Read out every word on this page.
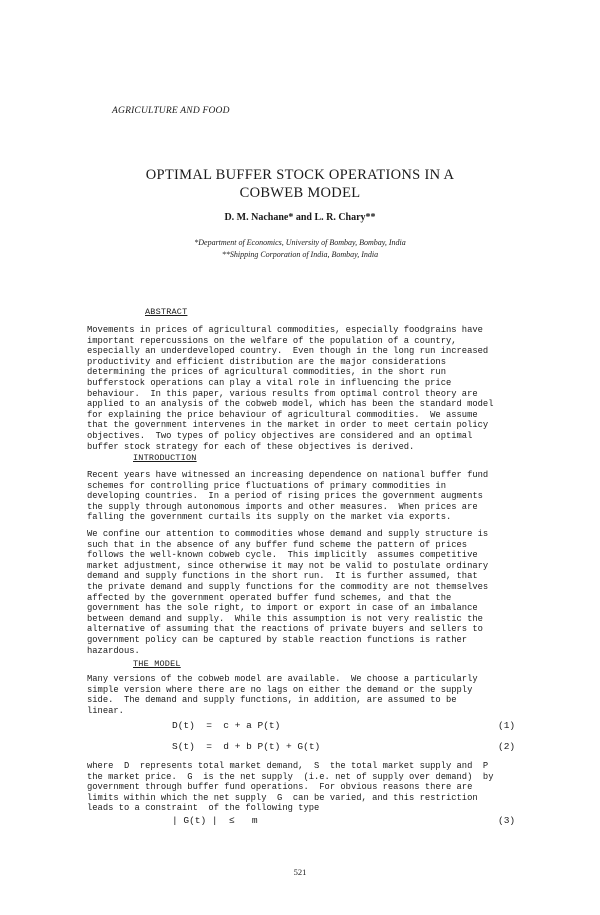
AGRICULTURE AND FOOD
OPTIMAL BUFFER STOCK OPERATIONS IN A
COBWEB MODEL
D. M. Nachane* and L. R. Chary**
*Department of Economics, University of Bombay, Bombay, India
**Shipping Corporation of India, Bombay, India
ABSTRACT
Movements in prices of agricultural commodities, especially foodgrains have
important repercussions on the welfare of the population of a country,
especially an underdeveloped country.  Even though in the long run increased
productivity and efficient distribution are the major considerations
determining the prices of agricultural commodities, in the short run
bufferstock operations can play a vital role in influencing the price
behaviour.  In this paper, various results from optimal control theory are
applied to an analysis of the cobweb model, which has been the standard model
for explaining the price behaviour of agricultural commodities.  We assume
that the government intervenes in the market in order to meet certain policy
objectives.  Two types of policy objectives are considered and an optimal
buffer stock strategy for each of these objectives is derived.
INTRODUCTION
Recent years have witnessed an increasing dependence on national buffer fund
schemes for controlling price fluctuations of primary commodities in
developing countries.  In a period of rising prices the government augments
the supply through autonomous imports and other measures.  When prices are
falling the government curtails its supply on the market via exports.
We confine our attention to commodities whose demand and supply structure is
such that in the absence of any buffer fund scheme the pattern of prices
follows the well-known cobweb cycle.  This implicitly  assumes competitive
market adjustment, since otherwise it may not be valid to postulate ordinary
demand and supply functions in the short run.  It is further assumed, that
the private demand and supply functions for the commodity are not themselves
affected by the government operated buffer fund schemes, and that the
government has the sole right, to import or export in case of an imbalance
between demand and supply.  While this assumption is not very realistic the
alternative of assuming that the reactions of private buyers and sellers to
government policy can be captured by stable reaction functions is rather
hazardous.
THE MODEL
Many versions of the cobweb model are available.  We choose a particularly
simple version where there are no lags on either the demand or the supply
side.  The demand and supply functions, in addition, are assumed to be
linear.
D(t)  =  c + a P(t)	(1)
S(t)  =  d + b P(t) + G(t)	(2)
where  D  represents total market demand,  S  the total market supply and  P
the market price.  G  is the net supply  (i.e. net of supply over demand)  by
government through buffer fund operations.  For obvious reasons there are
limits within which the net supply  G  can be varied, and this restriction
leads to a constraint  of the following type
| G(t) |  ≤   m	(3)
521
